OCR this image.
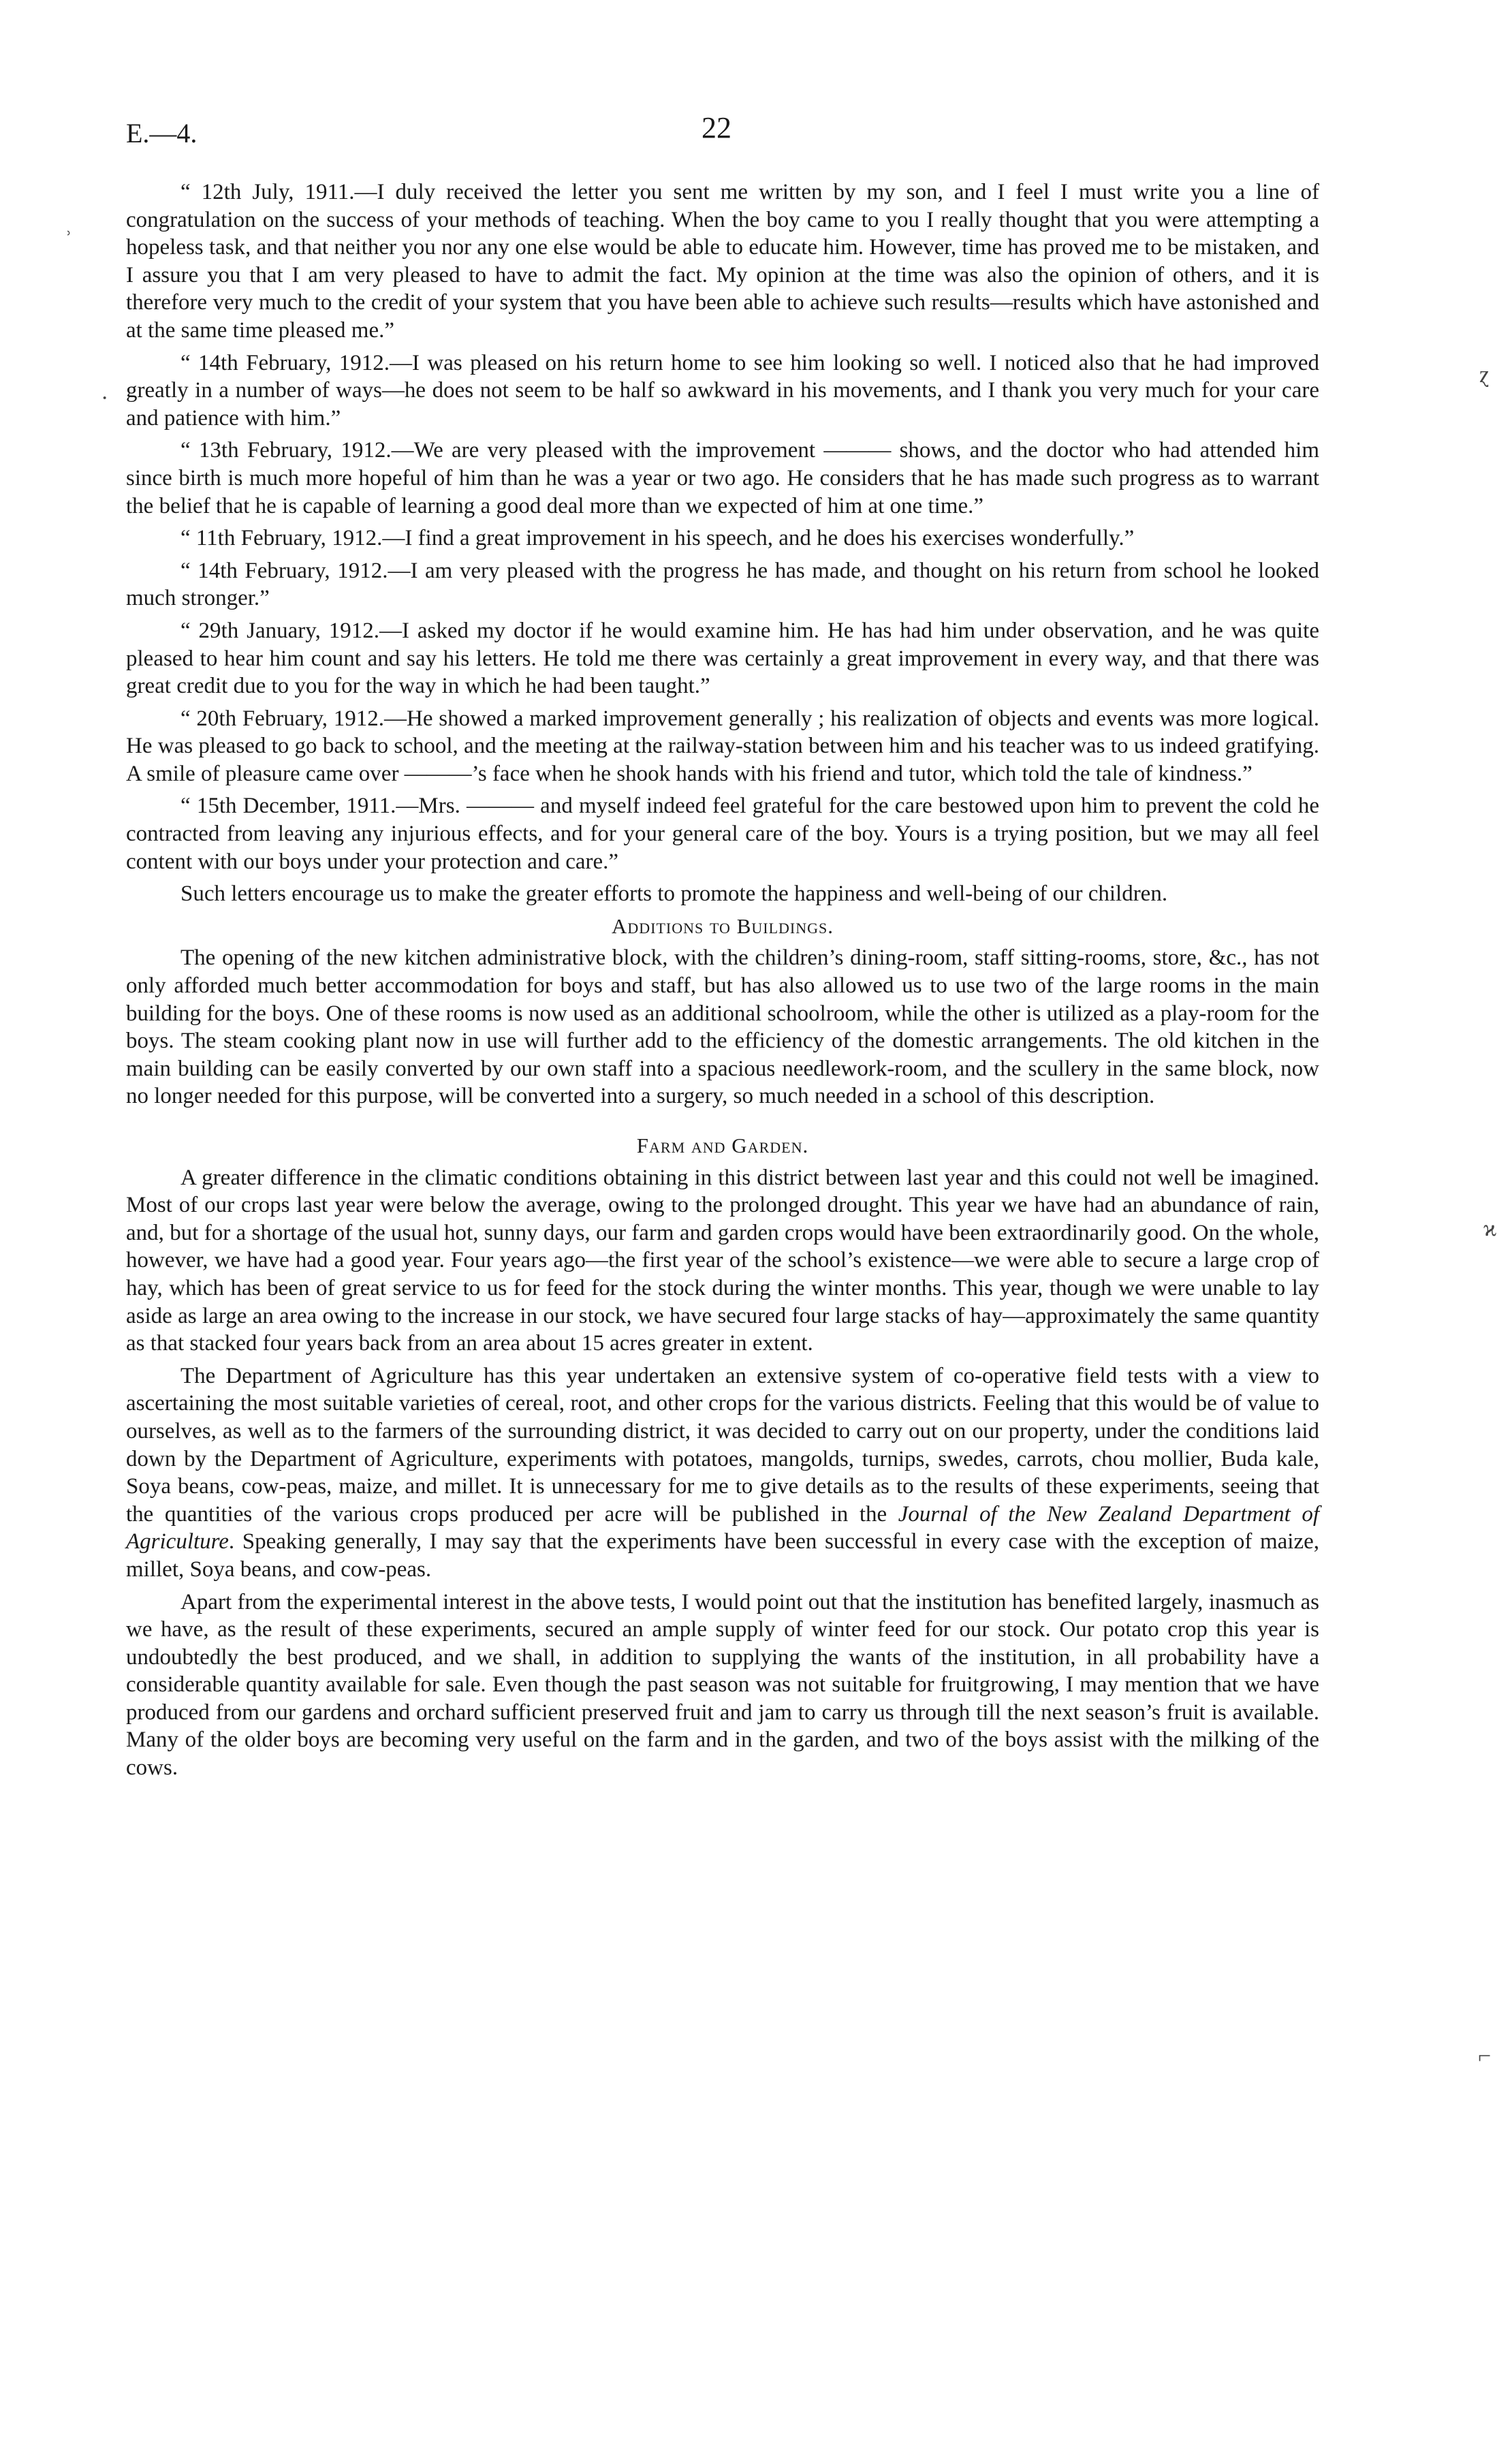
E.—4.	22
˒
ɀ
·
ϰ
⌐

“ 12th July, 1911.—I duly received the letter you sent me written by my son, and I feel I must write you a line of congratulation on the success of your methods of teaching. When the boy came to you I really thought that you were attempting a hopeless task, and that neither you nor any one else would be able to educate him. However, time has proved me to be mistaken, and I assure you that I am very pleased to have to admit the fact. My opinion at the time was also the opinion of others, and it is therefore very much to the credit of your system that you have been able to achieve such results—results which have astonished and at the same time pleased me.”

“ 14th February, 1912.—I was pleased on his return home to see him looking so well. I noticed also that he had improved greatly in a number of ways—he does not seem to be half so awkward in his movements, and I thank you very much for your care and patience with him.”

“ 13th February, 1912.—We are very pleased with the improvement ——— shows, and the doctor who had attended him since birth is much more hopeful of him than he was a year or two ago. He considers that he has made such progress as to warrant the belief that he is capable of learning a good deal more than we expected of him at one time.”

“ 11th February, 1912.—I find a great improvement in his speech, and he does his exercises wonderfully.”

“ 14th February, 1912.—I am very pleased with the progress he has made, and thought on his return from school he looked much stronger.”

“ 29th January, 1912.—I asked my doctor if he would examine him. He has had him under observation, and he was quite pleased to hear him count and say his letters. He told me there was certainly a great improvement in every way, and that there was great credit due to you for the way in which he had been taught.”

“ 20th February, 1912.—He showed a marked improvement generally ; his realization of objects and events was more logical. He was pleased to go back to school, and the meeting at the railway-station between him and his teacher was to us indeed gratifying. A smile of pleasure came over ———’s face when he shook hands with his friend and tutor, which told the tale of kindness.”

“ 15th December, 1911.—Mrs. ——— and myself indeed feel grateful for the care bestowed upon him to prevent the cold he contracted from leaving any injurious effects, and for your general care of the boy. Yours is a trying position, but we may all feel content with our boys under your protection and care.”

Such letters encourage us to make the greater efforts to promote the happiness and well-being of our children.

Additions to Buildings.

The opening of the new kitchen administrative block, with the children’s dining-room, staff sitting-rooms, store, &c., has not only afforded much better accommodation for boys and staff, but has also allowed us to use two of the large rooms in the main building for the boys. One of these rooms is now used as an additional schoolroom, while the other is utilized as a play-room for the boys. The steam cooking plant now in use will further add to the efficiency of the domestic arrangements. The old kitchen in the main building can be easily converted by our own staff into a spacious needlework-room, and the scullery in the same block, now no longer needed for this purpose, will be converted into a surgery, so much needed in a school of this description.

Farm and Garden.

A greater difference in the climatic conditions obtaining in this district between last year and this could not well be imagined. Most of our crops last year were below the average, owing to the prolonged drought. This year we have had an abundance of rain, and, but for a shortage of the usual hot, sunny days, our farm and garden crops would have been extraordinarily good. On the whole, however, we have had a good year. Four years ago—the first year of the school’s existence—we were able to secure a large crop of hay, which has been of great service to us for feed for the stock during the winter months. This year, though we were unable to lay aside as large an area owing to the increase in our stock, we have secured four large stacks of hay—approximately the same quantity as that stacked four years back from an area about 15 acres greater in extent.

The Department of Agriculture has this year undertaken an extensive system of co-operative field tests with a view to ascertaining the most suitable varieties of cereal, root, and other crops for the various districts. Feeling that this would be of value to ourselves, as well as to the farmers of the surrounding district, it was decided to carry out on our property, under the conditions laid down by the Department of Agriculture, experiments with potatoes, mangolds, turnips, swedes, carrots, chou mollier, Buda kale, Soya beans, cow-peas, maize, and millet. It is unnecessary for me to give details as to the results of these experiments, seeing that the quantities of the various crops produced per acre will be published in the Journal of the New Zealand Department of Agriculture. Speaking generally, I may say that the experiments have been successful in every case with the exception of maize, millet, Soya beans, and cow-peas.

Apart from the experimental interest in the above tests, I would point out that the institution has benefited largely, inasmuch as we have, as the result of these experiments, secured an ample supply of winter feed for our stock. Our potato crop this year is undoubtedly the best produced, and we shall, in addition to supplying the wants of the institution, in all probability have a considerable quantity available for sale. Even though the past season was not suitable for fruitgrowing, I may mention that we have produced from our gardens and orchard sufficient preserved fruit and jam to carry us through till the next season’s fruit is available. Many of the older boys are becoming very useful on the farm and in the garden, and two of the boys assist with the milking of the cows.
